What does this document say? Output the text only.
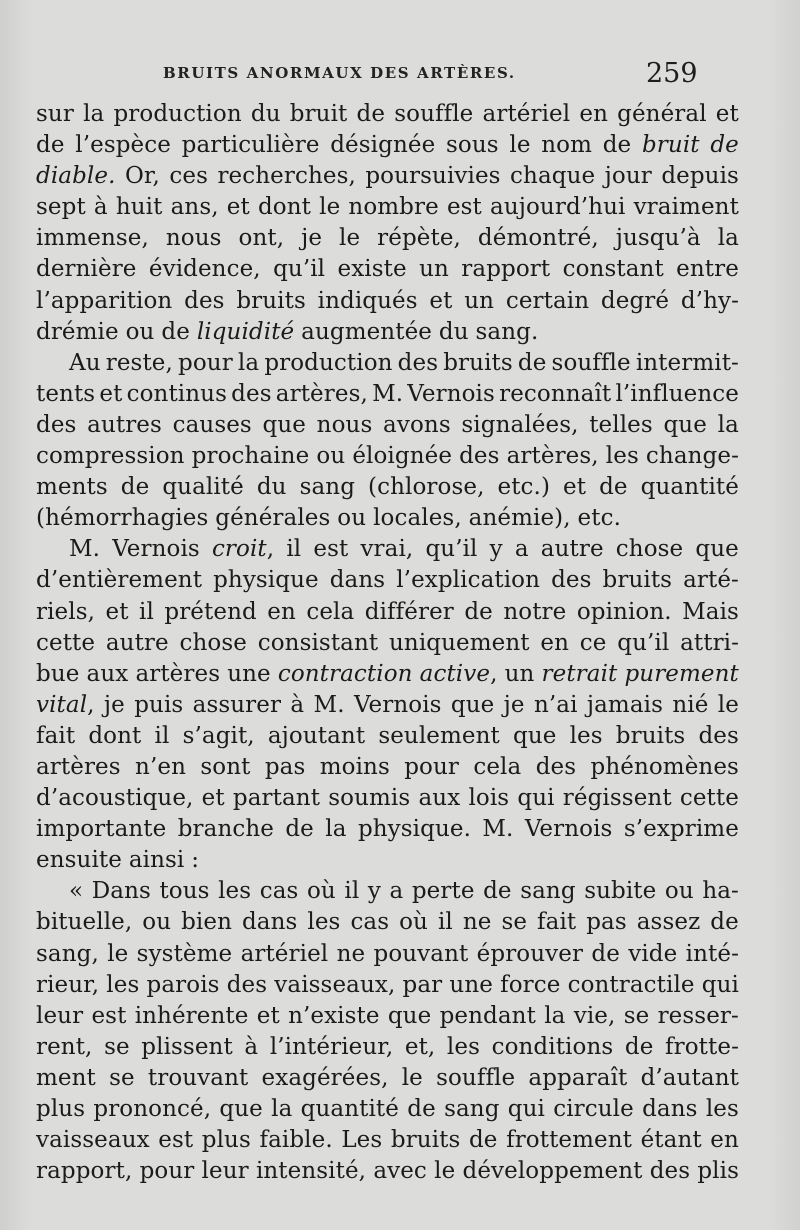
BRUITS ANORMAUX DES ARTÈRES.	259
sur la production du bruit de souffle artériel en général et
de l’espèce particulière désignée sous le nom de bruit de
diable. Or, ces recherches, poursuivies chaque jour depuis
sept à huit ans, et dont le nombre est aujourd’hui vraiment
immense, nous ont, je le répète, démontré, jusqu’à la
dernière évidence, qu’il existe un rapport constant entre
l’apparition des bruits indiqués et un certain degré d’hy-
drémie ou de liquidité augmentée du sang.
Au reste, pour la production des bruits de souffle intermit-
tents et continus des artères, M. Vernois reconnaît l’influence
des autres causes que nous avons signalées, telles que la
compression prochaine ou éloignée des artères, les change-
ments de qualité du sang (chlorose, etc.) et de quantité
(hémorrhagies générales ou locales, anémie), etc.
M. Vernois croit, il est vrai, qu’il y a autre chose que
d’entièrement physique dans l’explication des bruits arté-
riels, et il prétend en cela différer de notre opinion. Mais
cette autre chose consistant uniquement en ce qu’il attri-
bue aux artères une contraction active, un retrait purement
vital, je puis assurer à M. Vernois que je n’ai jamais nié le
fait dont il s’agit, ajoutant seulement que les bruits des
artères n’en sont pas moins pour cela des phénomènes
d’acoustique, et partant soumis aux lois qui régissent cette
importante branche de la physique. M. Vernois s’exprime
ensuite ainsi :
« Dans tous les cas où il y a perte de sang subite ou ha-
bituelle, ou bien dans les cas où il ne se fait pas assez de
sang, le système artériel ne pouvant éprouver de vide inté-
rieur, les parois des vaisseaux, par une force contractile qui
leur est inhérente et n’existe que pendant la vie, se resser-
rent, se plissent à l’intérieur, et, les conditions de frotte-
ment se trouvant exagérées, le souffle apparaît d’autant
plus prononcé, que la quantité de sang qui circule dans les
vaisseaux est plus faible. Les bruits de frottement étant en
rapport, pour leur intensité, avec le développement des plis
